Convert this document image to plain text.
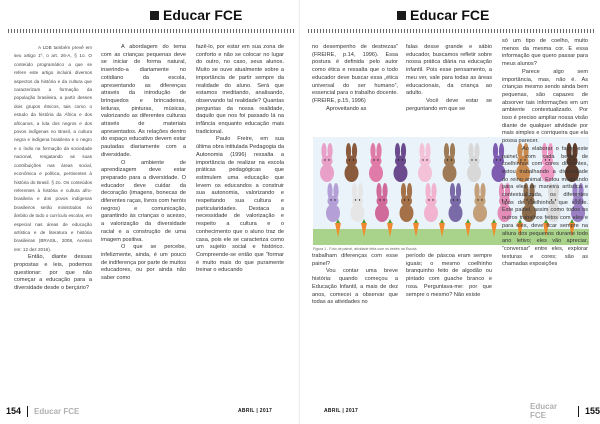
Educar FCE

A LDB também prevê em seu artigo 1º, o art. 26-A, § 1o. O conteúdo programático a que se refere este artigo incluirá diversos aspectos da história e da cultura que caracterizam a formação da população brasileira, a partir desses dois grupos étnicos, tais como o estudo da história da África e dos africanos, a luta dos negros e dos povos indígenas no Brasil, a cultura negra e indígena brasileira e o negro e o índio na formação da sociedade nacional, resgatando as suas contribuições nas áreas social, econômica e política, pertinentes à história do Brasil. § 2o. Os conteúdos referentes à história e cultura afro-brasileira e dos povos indígenas brasileiros serão ministrados no âmbito de todo o currículo escolar, em especial nas áreas de educação artística e de literatura e história brasileiras (BRASIL, 2008, Acesso em: 12 dez 2016).

Então, diante dessas propostas e leis, podemos questionar: por que não começar a educação para a diversidade desde o berçário?

A abordagem do tema com as crianças pequenas deve se iniciar de forma natural, inserindo-a diariamente no cotidiano da escola, apresentando as diferenças através da introdução de brinquedos e brincadeiras, leituras, pinturas, músicas, valorizando as diferentes culturas através de materiais apresentados. As relações dentro do espaço educativo devem estar pautadas diariamente com a diversidade.

O ambiente de aprendizagem deve estar preparado para a diversidade. O educador deve cuidar da decoração (imagens, bonecas de diferentes raças, livros com heróis negros) e comunicação, garantindo às crianças o acesso, a valorização da diversidade racial e a construção de uma imagem positiva.

O que se percebe, infelizmente, ainda, é um pouco de indiferença por parte de muitos educadores, ou por ainda não saber como

fazê-lo, por estar em sua zona de conforto e não se colocar no lugar do outro, no caso, seus alunos. Muito se ouve atualmente sobre a importância de partir sempre da realidade do aluno. Será que estamos meditando, analisando, observando tal realidade? Quantas perguntas da nossa realidade, daquilo que nos foi passado lá na infância enquanto educação mais tradicional.

Paulo Freire, em sua última obra intitulada Pedagogia da Autonomia (1996) ressalta a importância de realizar na escola práticas pedagógicas que estimulem uma educação que levem os educandos a construir sua autonomia, valorizando e respeitando sua cultura e particularidades. Destaca a necessidade de valorização e respeito a cultura e o conhecimento que o aluno traz de casa, pois ele se caracteriza como um sujeito social e histórico. Compreende-se então que “formar é muito mais do que puramente treinar o educando

154 Educar FCE	ABRIL | 2017
Educar FCE

no desempenho de destrezas” (FREIRE, p.14, 1996). Essa postura é definida pelo autor como ética e ressalta que o todo educador deve buscar essa „ética universal do ser humano”, essencial para o trabalho docente. (FREIRE, p.15, 1996)

Aproveitando as

falas desse grande e sábio educador, buscamos refletir sobre nossa prática diária na educação infantil. Pois esse pensamento, a meu ver, vale para todas as áreas educacionais, da criança ao adulto.

Você deve estar se perguntando em que se

Figura 1 - Foto de painel, atividade feita com os bebês na Escola

trabalham diferenças com esse painel?

Vou contar uma breve história: quando começou a Educação Infantil, a mais de dez anos, comecei a observar que todas as atividades no

período de páscoa eram sempre iguais; o mesmo coelhinho branquinho feito de algodão ou pintado com guache branco e rosa. Perguntava-me: por que sempre o mesmo? Não existe

só um tipo de coelho, muito menos da mesma cor. E essa informação que quero passar para meus alunos?

Parece algo sem importância, mas, não é. As crianças mesmo sendo ainda bem pequenas, são capazes de absorver tais informações em um ambiente contextualizado. Por isso é preciso ampliar nossa visão diante de qualquer atividade por mais simples e corriqueira que ela possa parecer.

Ao elaborar o fazer este painel, com cada bebê, de coelhinhos com cores diferentes, estou trabalhando a diversidade do reino animal. Estou mostrando para eles de maneira artística e contextualizada, os diferentes tipos de coelhinhos que existe. Este painel, assim como todos os outros trabalhos feitos com eles e para eles, deve ficar sempre na altura dos pequenos durante todo ano letivo; eles vão apreciar, “conversar” entre eles, explorar texturas e cores; são as chamadas exposições

ABRIL | 2017	Educar FCE	155
